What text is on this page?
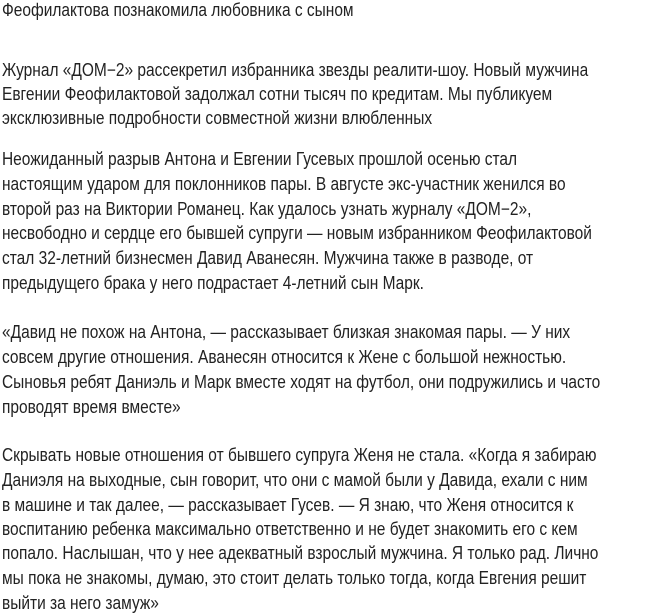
Феофилактова познакомила любовника с сыном
Журнал «ДОМ−2» рассекретил избранника звезды реалити-шоу. Новый мужчина
Евгении Феофилактовой задолжал сотни тысяч по кредитам. Мы публикуем
эксклюзивные подробности совместной жизни влюбленных
Неожиданный разрыв Антона и Евгении Гусевых прошлой осенью стал
настоящим ударом для поклонников пары. В августе экс-участник женился во
второй раз на Виктории Романец. Как удалось узнать журналу «ДОМ−2»,
несвободно и сердце его бывшей супруги — новым избранником Феофилактовой
стал 32-летний бизнесмен Давид Аванесян. Мужчина также в разводе, от
предыдущего брака у него подрастает 4-летний сын Марк.
«Давид не похож на Антона, — рассказывает близкая знакомая пары. — У них
совсем другие отношения. Аванесян относится к Жене с большой нежностью.
Сыновья ребят Даниэль и Марк вместе ходят на футбол, они подружились и часто
проводят время вместе»
Скрывать новые отношения от бывшего супруга Женя не стала. «Когда я забираю
Даниэля на выходные, сын говорит, что они с мамой были у Давида, ехали с ним
в машине и так далее, — рассказывает Гусев. — Я знаю, что Женя относится к
воспитанию ребенка максимально ответственно и не будет знакомить его с кем
попало. Наслышан, что у нее адекватный взрослый мужчина. Я только рад. Лично
мы пока не знакомы, думаю, это стоит делать только тогда, когда Евгения решит
выйти за него замуж»
